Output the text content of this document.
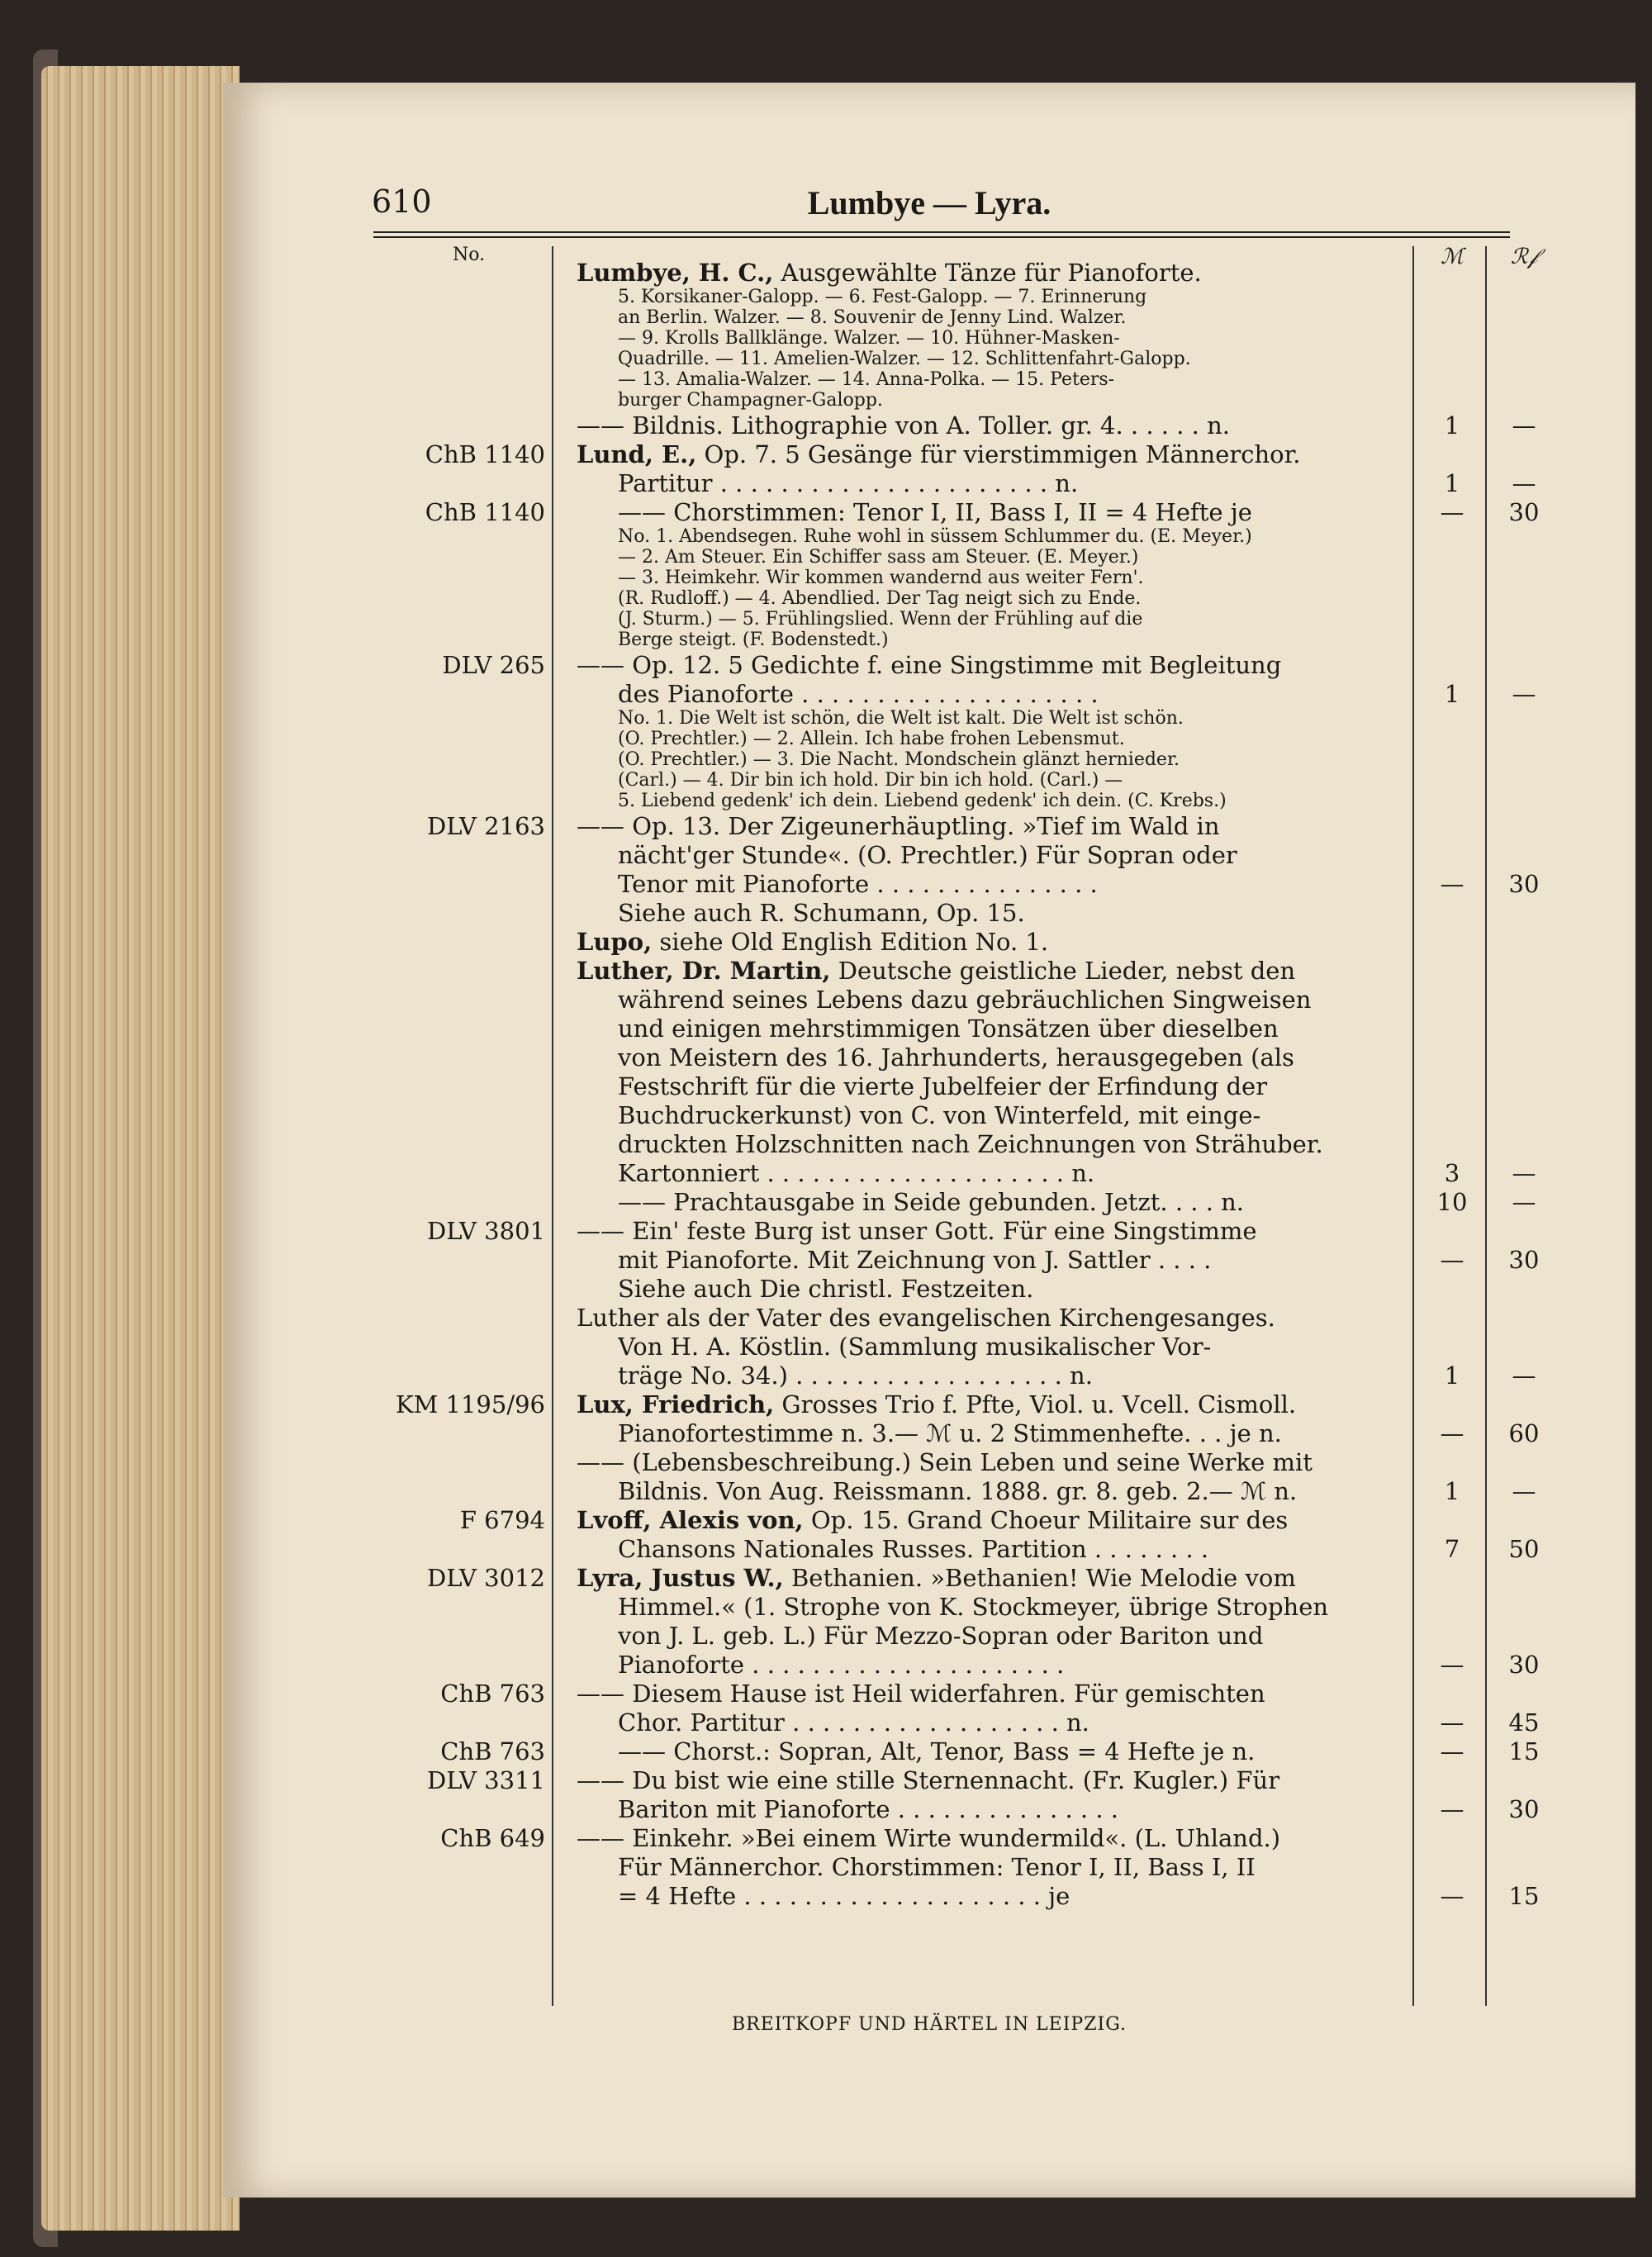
610	Lumbye — Lyra.
No.	ℳ	ℛ𝒻
Lumbye, H. C., Ausgewählte Tänze für Pianoforte.
5. Korsikaner-Galopp. — 6. Fest-Galopp. — 7. Erinnerung
an Berlin. Walzer. — 8. Souvenir de Jenny Lind. Walzer.
— 9. Krolls Ballklänge. Walzer. — 10. Hühner-Masken-
Quadrille. — 11. Amelien-Walzer. — 12. Schlittenfahrt-Galopp.
— 13. Amalia-Walzer. — 14. Anna-Polka. — 15. Peters-
burger Champagner-Galopp.
—— Bildnis. Lithographie von A. Toller. gr. 4. . . . . . n.	1	—
ChB 1140 Lund, E., Op. 7. 5 Gesänge für vierstimmigen Männerchor.
Partitur . . . . . . . . . . . . . . . . . . . . . . n.	1	—
ChB 1140	—— Chorstimmen: Tenor I, II, Bass I, II = 4 Hefte je	—	30
No. 1. Abendsegen. Ruhe wohl in süssem Schlummer du. (E. Meyer.)
— 2. Am Steuer. Ein Schiffer sass am Steuer. (E. Meyer.)
— 3. Heimkehr. Wir kommen wandernd aus weiter Fern'.
(R. Rudloff.) — 4. Abendlied. Der Tag neigt sich zu Ende.
(J. Sturm.) — 5. Frühlingslied. Wenn der Frühling auf die
Berge steigt. (F. Bodenstedt.)
DLV 265 —— Op. 12. 5 Gedichte f. eine Singstimme mit Begleitung
des Pianoforte . . . . . . . . . . . . . . . . . . . .	1	—
No. 1. Die Welt ist schön, die Welt ist kalt. Die Welt ist schön.
(O. Prechtler.) — 2. Allein. Ich habe frohen Lebensmut.
(O. Prechtler.) — 3. Die Nacht. Mondschein glänzt hernieder.
(Carl.) — 4. Dir bin ich hold. Dir bin ich hold. (Carl.) —
5. Liebend gedenk' ich dein. Liebend gedenk' ich dein. (C. Krebs.)
DLV 2163 —— Op. 13. Der Zigeunerhäuptling. »Tief im Wald in
nächt'ger Stunde«. (O. Prechtler.) Für Sopran oder
Tenor mit Pianoforte . . . . . . . . . . . . . . .	—	30
Siehe auch R. Schumann, Op. 15.
Lupo, siehe Old English Edition No. 1.
Luther, Dr. Martin, Deutsche geistliche Lieder, nebst den
während seines Lebens dazu gebräuchlichen Singweisen
und einigen mehrstimmigen Tonsätzen über dieselben
von Meistern des 16. Jahrhunderts, herausgegeben (als
Festschrift für die vierte Jubelfeier der Erfindung der
Buchdruckerkunst) von C. von Winterfeld, mit einge-
druckten Holzschnitten nach Zeichnungen von Strähuber.
Kartonniert . . . . . . . . . . . . . . . . . . . . n.	3	—
—— Prachtausgabe in Seide gebunden. Jetzt. . . . n.	10	—
DLV 3801 —— Ein' feste Burg ist unser Gott. Für eine Singstimme
mit Pianoforte. Mit Zeichnung von J. Sattler . . . .	—	30
Siehe auch Die christl. Festzeiten.
Luther als der Vater des evangelischen Kirchengesanges.
Von H. A. Köstlin. (Sammlung musikalischer Vor-
träge No. 34.) . . . . . . . . . . . . . . . . . . n.	1	—
KM 1195/96 Lux, Friedrich, Grosses Trio f. Pfte, Viol. u. Vcell. Cismoll.
Pianofortestimme n. 3.— ℳ u. 2 Stimmenhefte. . . je n.	—	60
—— (Lebensbeschreibung.) Sein Leben und seine Werke mit
Bildnis. Von Aug. Reissmann. 1888. gr. 8. geb. 2.— ℳ n.	1	—
F 6794 Lvoff, Alexis von, Op. 15. Grand Choeur Militaire sur des
Chansons Nationales Russes. Partition . . . . . . . .	7	50
DLV 3012 Lyra, Justus W., Bethanien. »Bethanien! Wie Melodie vom
Himmel.« (1. Strophe von K. Stockmeyer, übrige Strophen
von J. L. geb. L.) Für Mezzo-Sopran oder Bariton und
Pianoforte . . . . . . . . . . . . . . . . . . . . .	—	30
ChB 763 —— Diesem Hause ist Heil widerfahren. Für gemischten
Chor. Partitur . . . . . . . . . . . . . . . . . . n.	—	45
ChB 763	—— Chorst.: Sopran, Alt, Tenor, Bass = 4 Hefte je n.	—	15
DLV 3311 —— Du bist wie eine stille Sternennacht. (Fr. Kugler.) Für
Bariton mit Pianoforte . . . . . . . . . . . . . . .	—	30
ChB 649 —— Einkehr. »Bei einem Wirte wundermild«. (L. Uhland.)
Für Männerchor. Chorstimmen: Tenor I, II, Bass I, II
= 4 Hefte . . . . . . . . . . . . . . . . . . . . je	—	15
BREITKOPF UND HÄRTEL IN LEIPZIG.
